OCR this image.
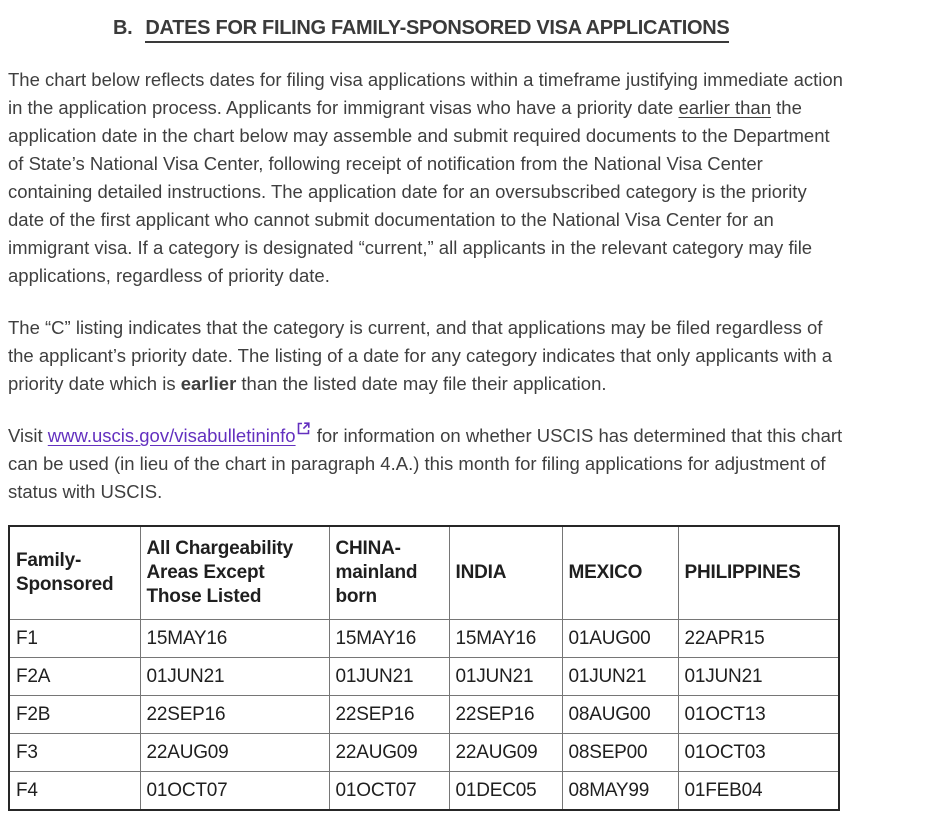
B. DATES FOR FILING FAMILY-SPONSORED VISA APPLICATIONS

The chart below reflects dates for filing visa applications within a timeframe justifying immediate action in the application process. Applicants for immigrant visas who have a priority date earlier than the application date in the chart below may assemble and submit required documents to the Department of State’s National Visa Center, following receipt of notification from the National Visa Center containing detailed instructions. The application date for an oversubscribed category is the priority date of the first applicant who cannot submit documentation to the National Visa Center for an immigrant visa. If a category is designated “current,” all applicants in the relevant category may file applications, regardless of priority date.

The “C” listing indicates that the category is current, and that applications may be filed regardless of the applicant’s priority date. The listing of a date for any category indicates that only applicants with a priority date which is earlier than the listed date may file their application.

Visit www.uscis.gov/visabulletininfo for information on whether USCIS has determined that this chart can be used (in lieu of the chart in paragraph 4.A.) this month for filing applications for adjustment of status with USCIS.

Family-Sponsored	All Chargeability Areas Except Those Listed	CHINA-mainland born	INDIA	MEXICO	PHILIPPINES
F1	15MAY16	15MAY16	15MAY16	01AUG00	22APR15
F2A	01JUN21	01JUN21	01JUN21	01JUN21	01JUN21
F2B	22SEP16	22SEP16	22SEP16	08AUG00	01OCT13
F3	22AUG09	22AUG09	22AUG09	08SEP00	01OCT03
F4	01OCT07	01OCT07	01DEC05	08MAY99	01FEB04
